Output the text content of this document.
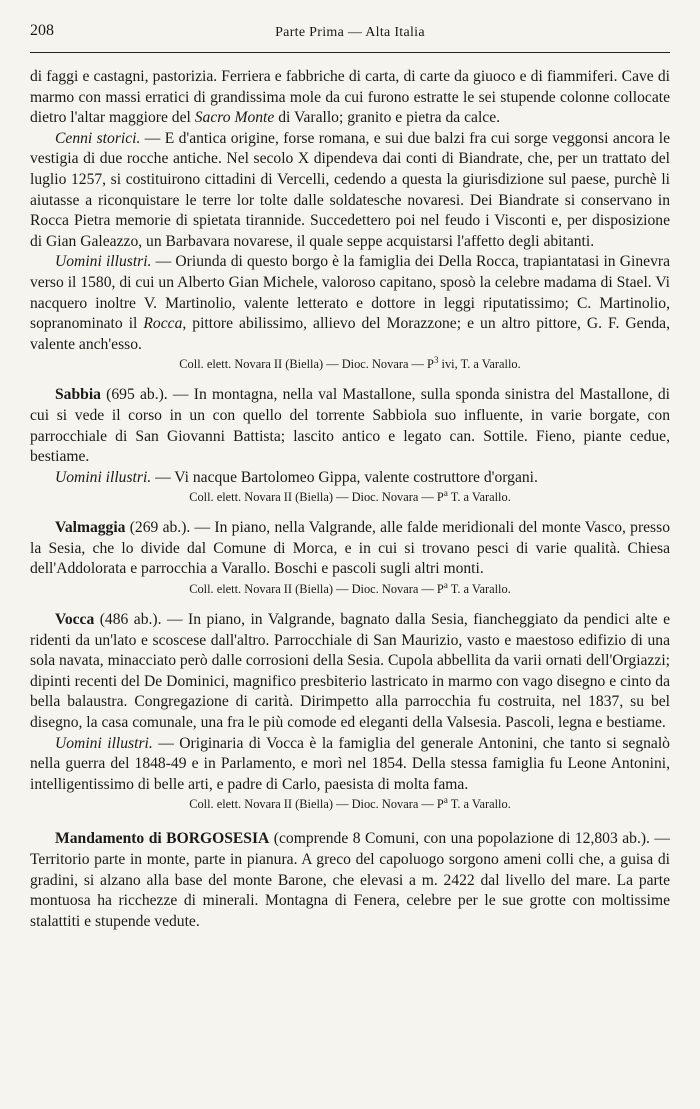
208	Parte Prima — Alta Italia

di faggi e castagni, pastorizia. Ferriera e fabbriche di carta, di carte da giuoco e di fiammiferi. Cave di marmo con massi erratici di grandissima mole da cui furono estratte le sei stupende colonne collocate dietro l'altar maggiore del Sacro Monte di Varallo; granito e pietra da calce.

Cenni storici. — E d'antica origine, forse romana, e sui due balzi fra cui sorge veggonsi ancora le vestigia di due rocche antiche. Nel secolo X dipendeva dai conti di Biandrate, che, per un trattato del luglio 1257, si costituirono cittadini di Vercelli, cedendo a questa la giurisdizione sul paese, purchè li aiutasse a riconquistare le terre lor tolte dalle soldatesche novaresi. Dei Biandrate si conservano in Rocca Pietra memorie di spietata tirannide. Succedettero poi nel feudo i Visconti e, per disposizione di Gian Galeazzo, un Barbavara novarese, il quale seppe acquistarsi l'affetto degli abitanti.

Uomini illustri. — Oriunda di questo borgo è la famiglia dei Della Rocca, trapiantatasi in Ginevra verso il 1580, di cui un Alberto Gian Michele, valoroso capitano, sposò la celebre madama di Stael. Vi nacquero inoltre V. Martinolio, valente letterato e dottore in leggi riputatissimo; C. Martinolio, sopranominato il Rocca, pittore abilissimo, allievo del Morazzone; e un altro pittore, G. F. Genda, valente anch'esso.

Coll. elett. Novara II (Biella) — Dioc. Novara — $P^3$ ivi, T. a Varallo.

Sabbia (695 ab.). — In montagna, nella val Mastallone, sulla sponda sinistra del Mastallone, di cui si vede il corso in un con quello del torrente Sabbiola suo influente, in varie borgate, con parrocchiale di San Giovanni Battista; lascito antico e legato can. Sottile. Fieno, piante cedue, bestiame.

Uomini illustri. — Vi nacque Bartolomeo Gippa, valente costruttore d'organi.

Coll. elett. Novara II (Biella) — Dioc. Novara — $P^a$ T. a Varallo.

Valmaggia (269 ab.). — In piano, nella Valgrande, alle falde meridionali del monte Vasco, presso la Sesia, che lo divide dal Comune di Morca, e in cui si trovano pesci di varie qualità. Chiesa dell'Addolorata e parrocchia a Varallo. Boschi e pascoli sugli altri monti.

Coll. elett. Novara II (Biella) — Dioc. Novara — $P^a$ T. a Varallo.

Vocca (486 ab.). — In piano, in Valgrande, bagnato dalla Sesia, fiancheggiato da pendici alte e ridenti da un'lato e scoscese dall'altro. Parrocchiale di San Maurizio, vasto e maestoso edifizio di una sola navata, minacciato però dalle corrosioni della Sesia. Cupola abbellita da varii ornati dell'Orgiazzi; dipinti recenti del De Dominici, magnifico presbiterio lastricato in marmo con vago disegno e cinto da bella balaustra. Congregazione di carità. Dirimpetto alla parrocchia fu costruita, nel 1837, su bel disegno, la casa comunale, una fra le più comode ed eleganti della Valsesia. Pascoli, legna e bestiame.

Uomini illustri. — Originaria di Vocca è la famiglia del generale Antonini, che tanto si segnalò nella guerra del 1848-49 e in Parlamento, e morì nel 1854. Della stessa famiglia fu Leone Antonini, intelligentissimo di belle arti, e padre di Carlo, paesista di molta fama.

Coll. elett. Novara II (Biella) — Dioc. Novara — $P^a$ T. a Varallo.

Mandamento di BORGOSESIA (comprende 8 Comuni, con una popolazione di 12,803 ab.). — Territorio parte in monte, parte in pianura. A greco del capoluogo sorgono ameni colli che, a guisa di gradini, si alzano alla base del monte Barone, che elevasi a m. 2422 dal livello del mare. La parte montuosa ha ricchezze di minerali. Montagna di Fenera, celebre per le sue grotte con moltissime stalattiti e stupende vedute.
